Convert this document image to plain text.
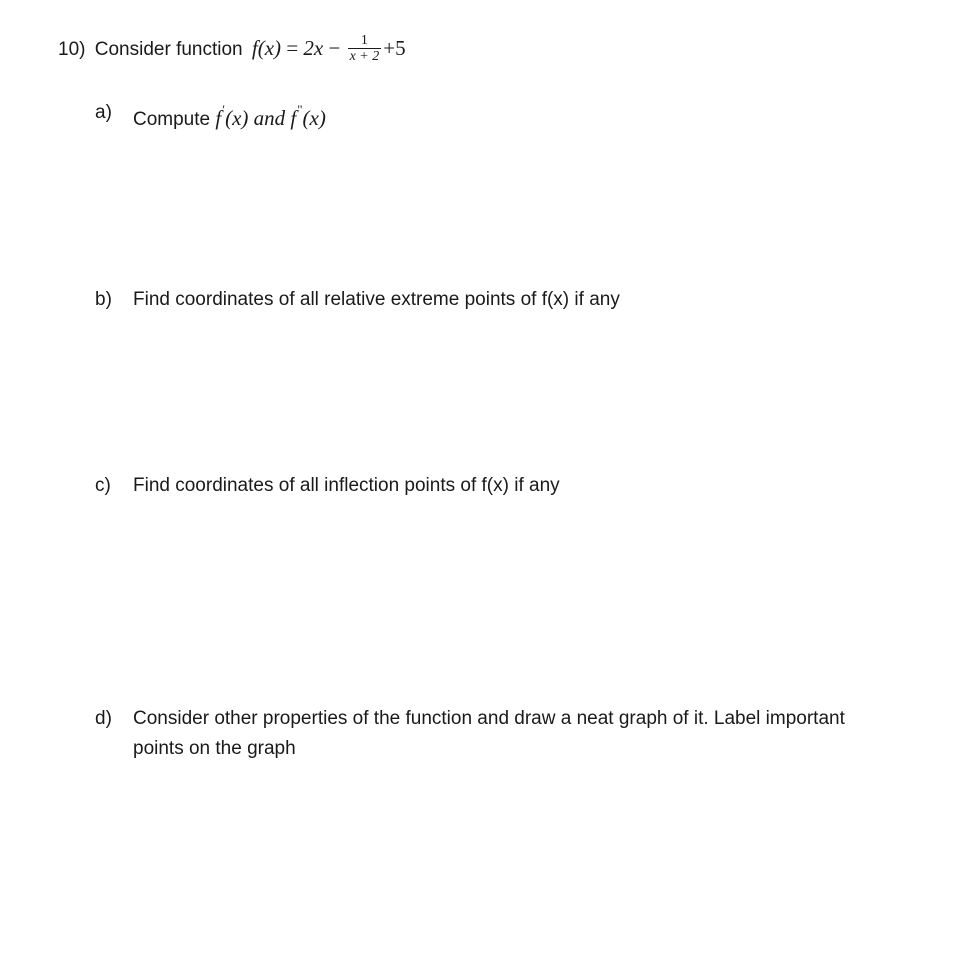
10) Consider function $f(x) = 2x - \frac{1}{x + 2} +5$
a) Compute f′(x) and f"(x)
b) Find coordinates of all relative extreme points of f(x) if any
c) Find coordinates of all inflection points of f(x) if any
d) Consider other properties of the function and draw a neat graph of it. Label important
points on the graph
